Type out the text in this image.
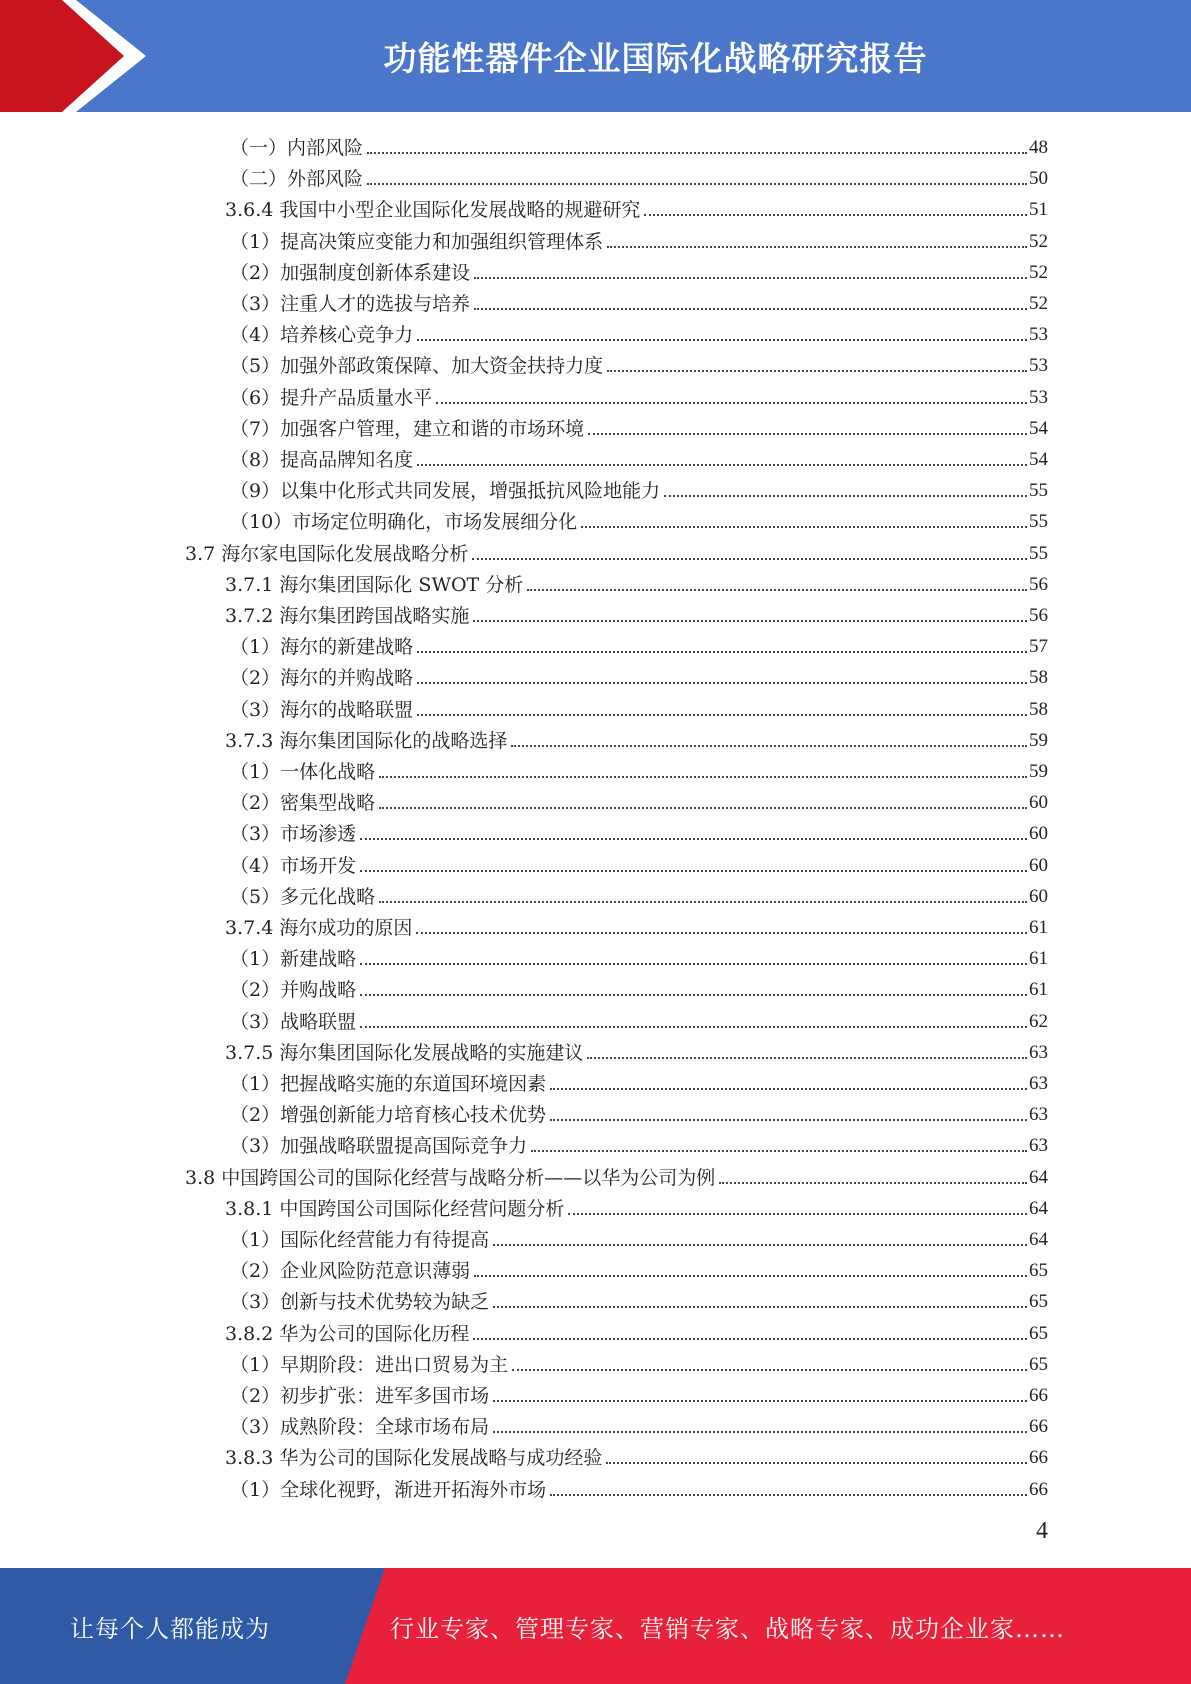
功能性器件企业国际化战略研究报告
（一）内部风险	48
（二）外部风险	50
3.6.4 我国中小型企业国际化发展战略的规避研究	51
（1）提高决策应变能力和加强组织管理体系	52
（2）加强制度创新体系建设	52
（3）注重人才的选拔与培养	52
（4）培养核心竞争力	53
（5）加强外部政策保障、加大资金扶持力度	53
（6）提升产品质量水平	53
（7）加强客户管理，建立和谐的市场环境	54
（8）提高品牌知名度	54
（9）以集中化形式共同发展，增强抵抗风险地能力	55
（10）市场定位明确化，市场发展细分化	55
3.7 海尔家电国际化发展战略分析	55
3.7.1 海尔集团国际化 SWOT 分析	56
3.7.2 海尔集团跨国战略实施	56
（1）海尔的新建战略	57
（2）海尔的并购战略	58
（3）海尔的战略联盟	58
3.7.3 海尔集团国际化的战略选择	59
（1）一体化战略	59
（2）密集型战略	60
（3）市场渗透	60
（4）市场开发	60
（5）多元化战略	60
3.7.4 海尔成功的原因	61
（1）新建战略	61
（2）并购战略	61
（3）战略联盟	62
3.7.5 海尔集团国际化发展战略的实施建议	63
（1）把握战略实施的东道国环境因素	63
（2）增强创新能力培育核心技术优势	63
（3）加强战略联盟提高国际竞争力	63
3.8 中国跨国公司的国际化经营与战略分析——以华为公司为例	64
3.8.1 中国跨国公司国际化经营问题分析	64
（1）国际化经营能力有待提高	64
（2）企业风险防范意识薄弱	65
（3）创新与技术优势较为缺乏	65
3.8.2 华为公司的国际化历程	65
（1）早期阶段：进出口贸易为主	65
（2）初步扩张：进军多国市场	66
（3）成熟阶段：全球市场布局	66
3.8.3 华为公司的国际化发展战略与成功经验	66
（1）全球化视野，渐进开拓海外市场	66
4
让每个人都能成为	行业专家、管理专家、营销专家、战略专家、成功企业家……
